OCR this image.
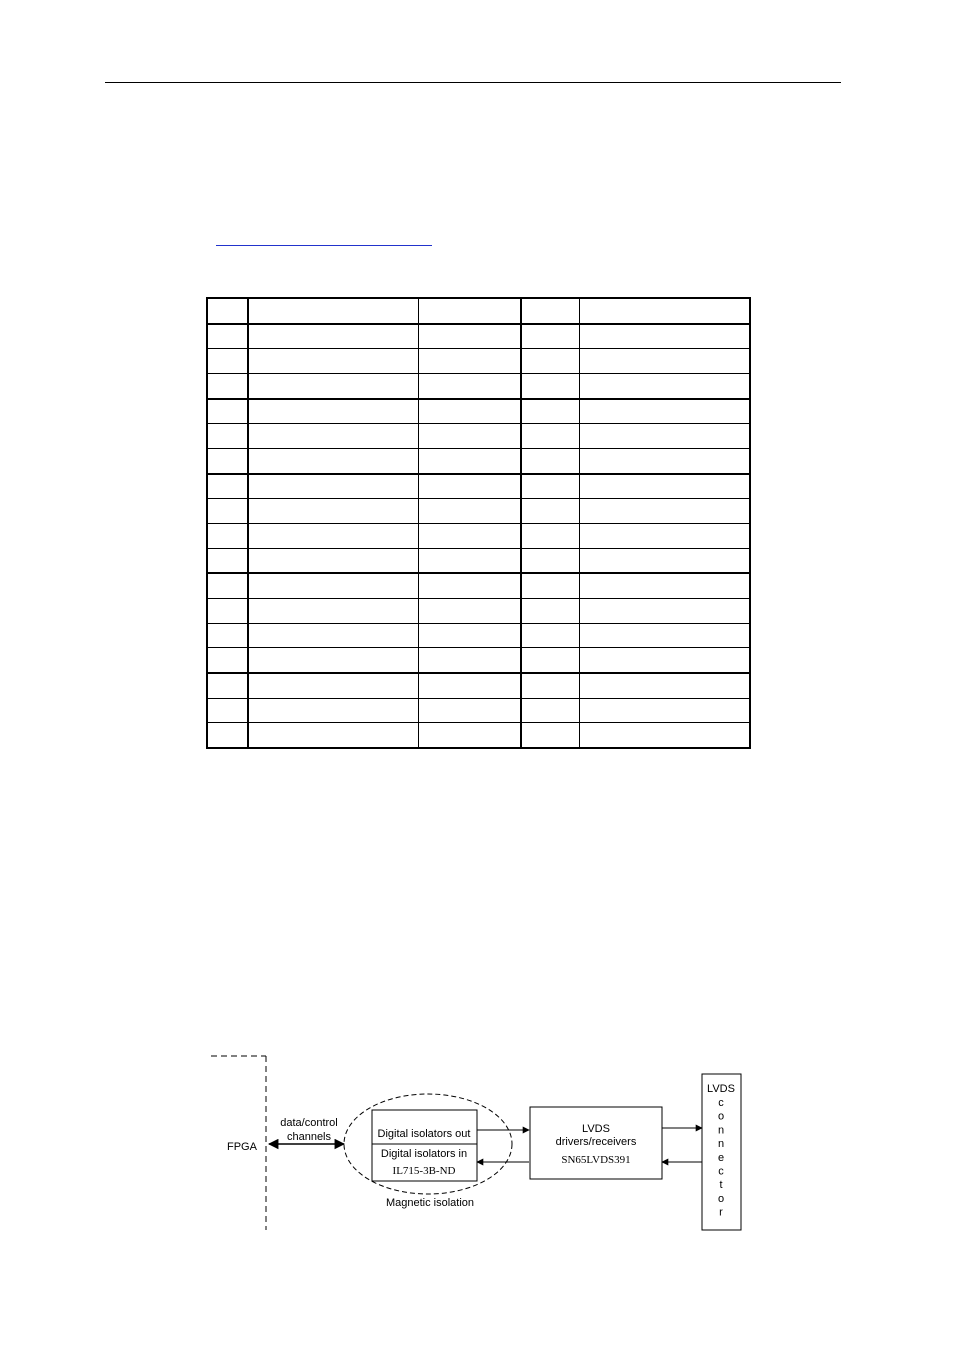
FPGA
data/control
channels	Digital isolators out
Digital isolators in
IL715-3B-ND
Magnetic isolation
LVDS
drivers/receivers
SN65LVDS391
LVDS
c
o
n
n
e
c
t
o
r
